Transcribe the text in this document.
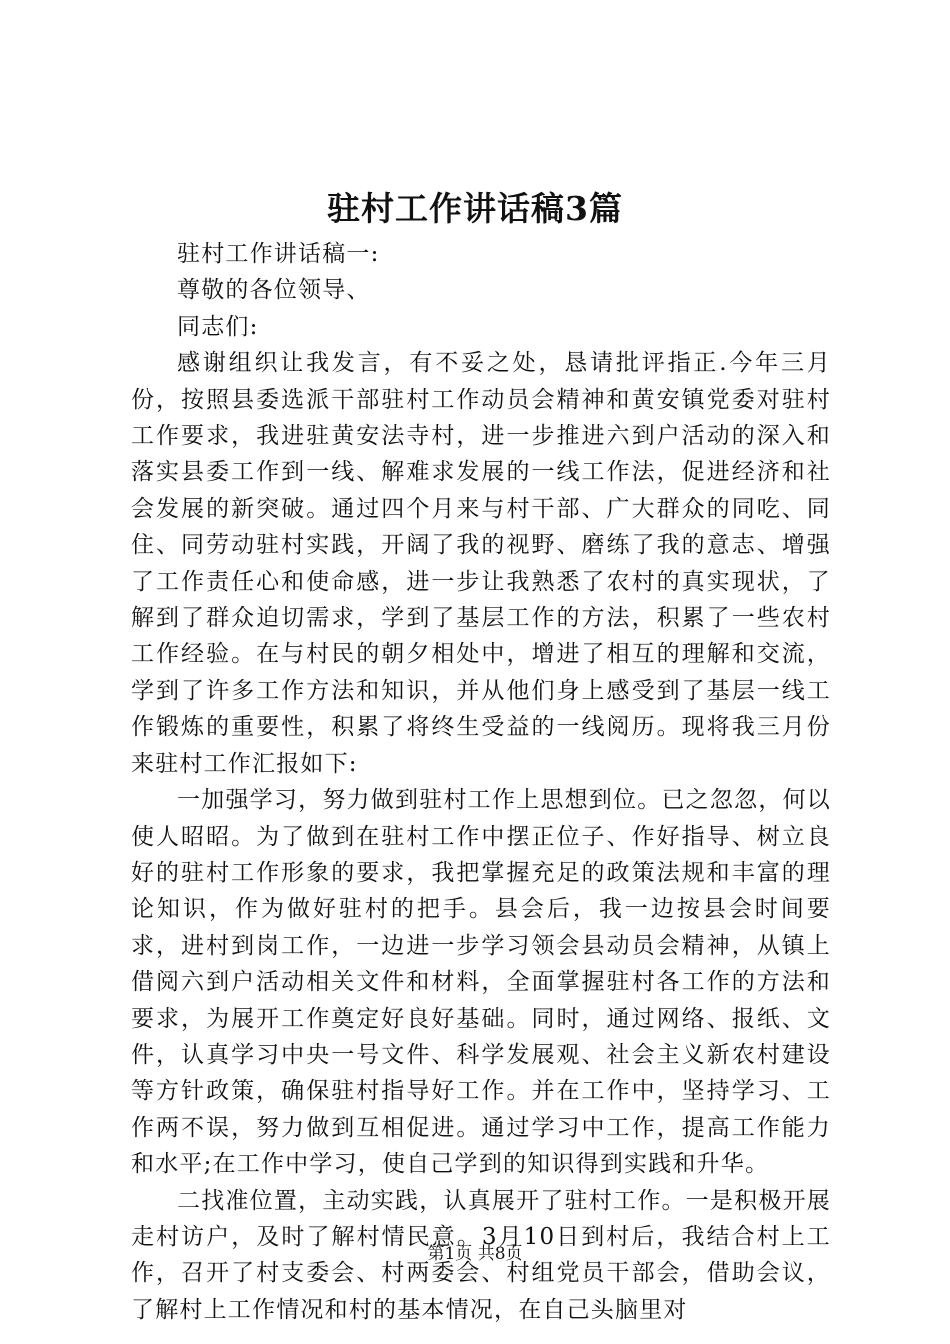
驻村工作讲话稿3篇

驻村工作讲话稿一:

尊敬的各位领导、

同志们:

感谢组织让我发言，有不妥之处，恳请批评指正.今年三月份，按照县委选派干部驻村工作动员会精神和黄安镇党委对驻村工作要求，我进驻黄安法寺村，进一步推进六到户活动的深入和落实县委工作到一线、解难求发展的一线工作法，促进经济和社会发展的新突破。通过四个月来与村干部、广大群众的同吃、同住、同劳动驻村实践，开阔了我的视野、磨练了我的意志、增强了工作责任心和使命感，进一步让我熟悉了农村的真实现状，了解到了群众迫切需求，学到了基层工作的方法，积累了一些农村工作经验。在与村民的朝夕相处中，增进了相互的理解和交流，学到了许多工作方法和知识，并从他们身上感受到了基层一线工作锻炼的重要性，积累了将终生受益的一线阅历。现将我三月份来驻村工作汇报如下:

一加强学习，努力做到驻村工作上思想到位。已之忽忽，何以使人昭昭。为了做到在驻村工作中摆正位子、作好指导、树立良好的驻村工作形象的要求，我把掌握充足的政策法规和丰富的理论知识，作为做好驻村的把手。县会后，我一边按县会时间要求，进村到岗工作，一边进一步学习领会县动员会精神，从镇上借阅六到户活动相关文件和材料，全面掌握驻村各工作的方法和要求，为展开工作奠定好良好基础。同时，通过网络、报纸、文件，认真学习中央一号文件、科学发展观、社会主义新农村建设等方针政策，确保驻村指导好工作。并在工作中，坚持学习、工作两不误，努力做到互相促进。通过学习中工作，提高工作能力和水平;在工作中学习，使自己学到的知识得到实践和升华。

二找准位置，主动实践，认真展开了驻村工作。一是积极开展走村访户，及时了解村情民意。3月10日到村后，我结合村上工作，召开了村支委会、村两委会、村组党员干部会，借助会议，了解村上工作情况和村的基本情况，在自己头脑里对

第1页 共8页
